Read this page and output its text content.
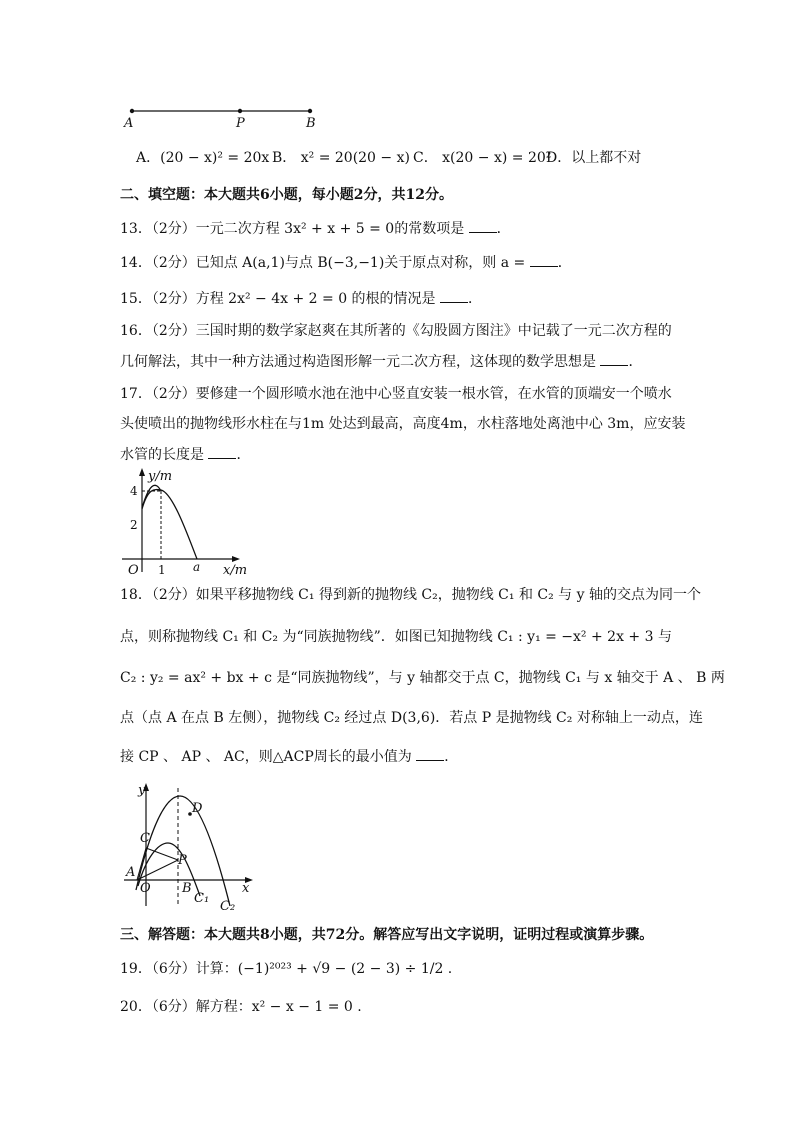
A	P	B
A．(20 − x)² = 20x B． x² = 20(20 − x) C． x(20 − x) = 20²
D．以上都不对
二、填空题：本大题共6小题，每小题2分，共12分。
13．（2分）一元二次方程 3x² + x + 5 = 0的常数项是 ．
14．（2分）已知点 A(a,1)与点 B(−3,−1)关于原点对称，则 a = ．
15．（2分）方程 2x² − 4x + 2 = 0 的根的情况是 ．
16．（2分）三国时期的数学家赵爽在其所著的《勾股圆方图注》中记载了一元二次方程的
几何解法，其中一种方法通过构造图形解一元二次方程，这体现的数学思想是 ．
17．（2分）要修建一个圆形喷水池在池中心竖直安装一根水管，在水管的顶端安一个喷水
头使喷出的抛物线形水柱在与1m 处达到最高，高度4m，水柱落地处离池中心 3m，应安装
水管的长度是 ．
y/m
4
2
O 1 a x/m
18．（2分）如果平移抛物线 C₁ 得到新的抛物线 C₂，抛物线 C₁ 和 C₂ 与 y 轴的交点为同一个
点，则称抛物线 C₁ 和 C₂ 为“同族抛物线”．如图已知抛物线 C₁ : y₁ = −x² + 2x + 3 与
C₂ : y₂ = ax² + bx + c 是“同族抛物线”，与 y 轴都交于点 C，抛物线 C₁ 与 x 轴交于 A 、 B 两
点（点 A 在点 B 左侧），抛物线 C₂ 经过点 D(3,6)．若点 P 是抛物线 C₂ 对称轴上一动点，连
接 CP 、 AP 、 AC，则△ACP周长的最小值为 ．
y
x
D
C
P
A
O B
C₁
C₂
三、解答题：本大题共8小题，共72分。解答应写出文字说明，证明过程或演算步骤。
19．（6分）计算：(−1)²⁰²³ + √9 − (2 − 3) ÷ 1/2 .
20．（6分）解方程：x² − x − 1 = 0 .
